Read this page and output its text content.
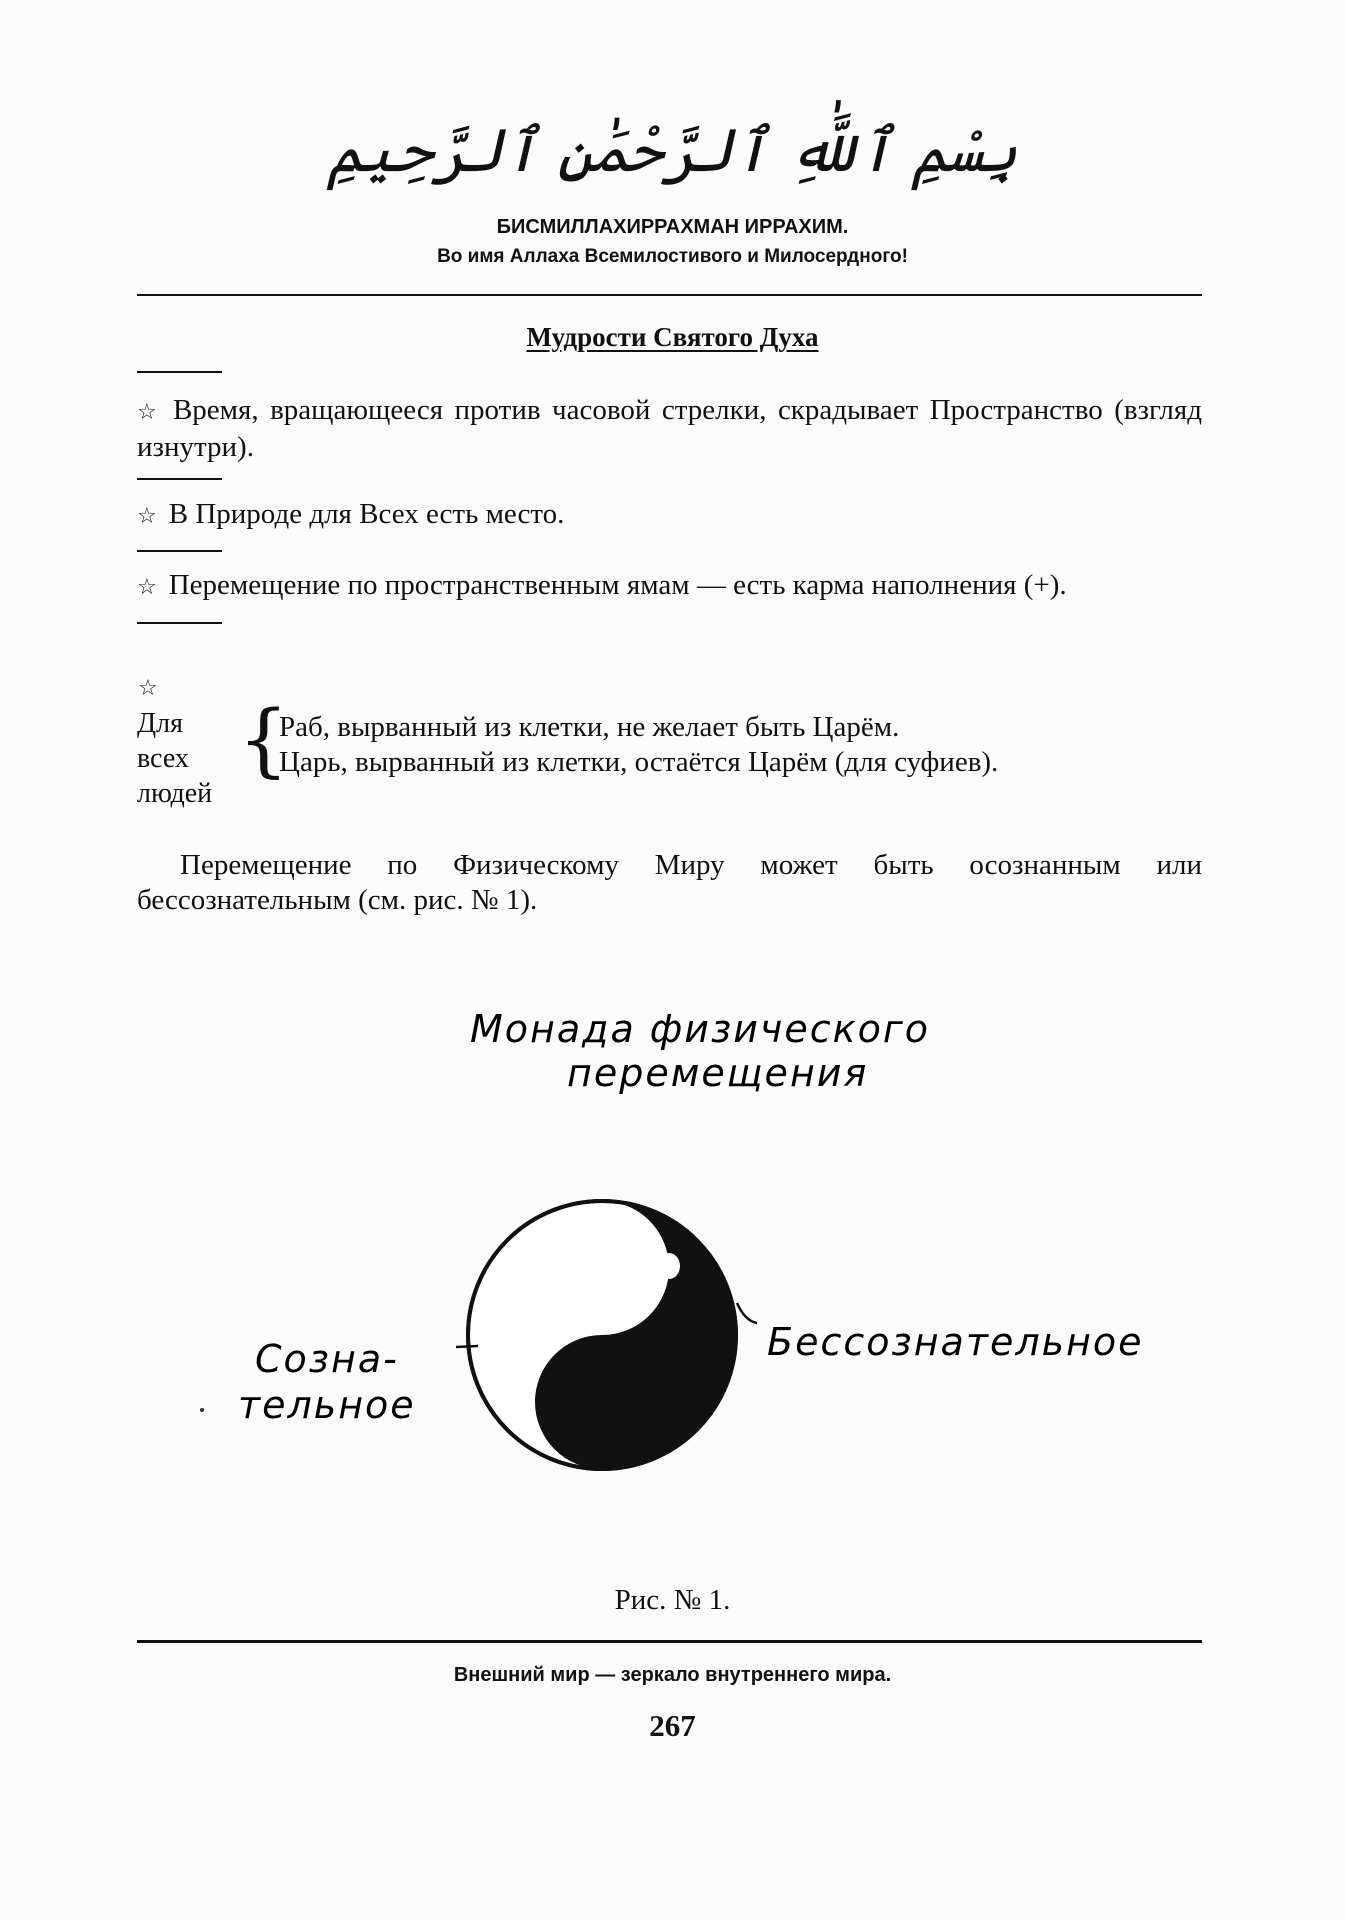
بِسْمِ ٱللَّٰهِ ٱلرَّحْمَٰنِ ٱلرَّحِيمِ
БИСМИЛЛАХИРРАХМАН ИРРАХИМ.
Во имя Аллаха Всемилостивого и Милосердного!
Мудрости Святого Духа
☆ Время, вращающееся против часовой стрелки, скрадывает Пространство (взгляд изнутри).
☆ В Природе для Всех есть место.
☆ Перемещение по пространственным ямам — есть карма наполнения (+).
☆
Для
всех
людей
{
Раб, вырванный из клетки, не желает быть Царём.
Царь, вырванный из клетки, остаётся Царём (для суфиев).
Перемещение по Физическому Миру может быть осознанным или бессознательным (см. рис. № 1).
Монада физического
перемещения
Бессознательное
Созна-
тельное
Рис. № 1.
Внешний мир — зеркало внутреннего мира.
267
